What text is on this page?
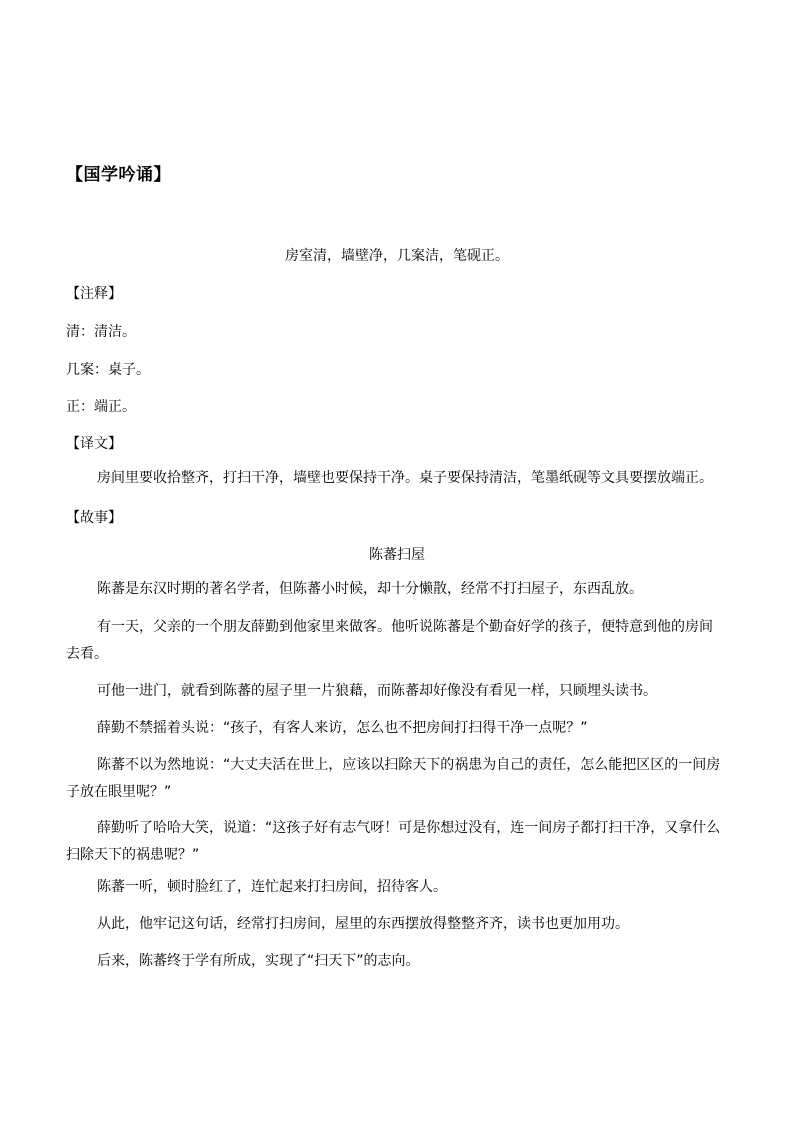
【国学吟诵】
房室清，墙壁净，几案洁，笔砚正。
【注释】
清：清洁。
几案：桌子。
正：端正。
【译文】
房间里要收拾整齐，打扫干净，墙壁也要保持干净。桌子要保持清洁，笔墨纸砚等文具要摆放端正。
【故事】
陈蕃扫屋
陈蕃是东汉时期的著名学者，但陈蕃小时候，却十分懒散，经常不打扫屋子，东西乱放。
有一天，父亲的一个朋友薛勤到他家里来做客。他听说陈蕃是个勤奋好学的孩子，便特意到他的房间去看。
可他一进门，就看到陈蕃的屋子里一片狼藉，而陈蕃却好像没有看见一样，只顾埋头读书。
薛勤不禁摇着头说：“孩子，有客人来访，怎么也不把房间打扫得干净一点呢？”
陈蕃不以为然地说：“大丈夫活在世上，应该以扫除天下的祸患为自己的责任，怎么能把区区的一间房子放在眼里呢？”
薛勤听了哈哈大笑，说道：“这孩子好有志气呀！可是你想过没有，连一间房子都打扫干净，又拿什么扫除天下的祸患呢？”
陈蕃一听，顿时脸红了，连忙起来打扫房间，招待客人。
从此，他牢记这句话，经常打扫房间，屋里的东西摆放得整整齐齐，读书也更加用功。
后来，陈蕃终于学有所成，实现了“扫天下”的志向。
